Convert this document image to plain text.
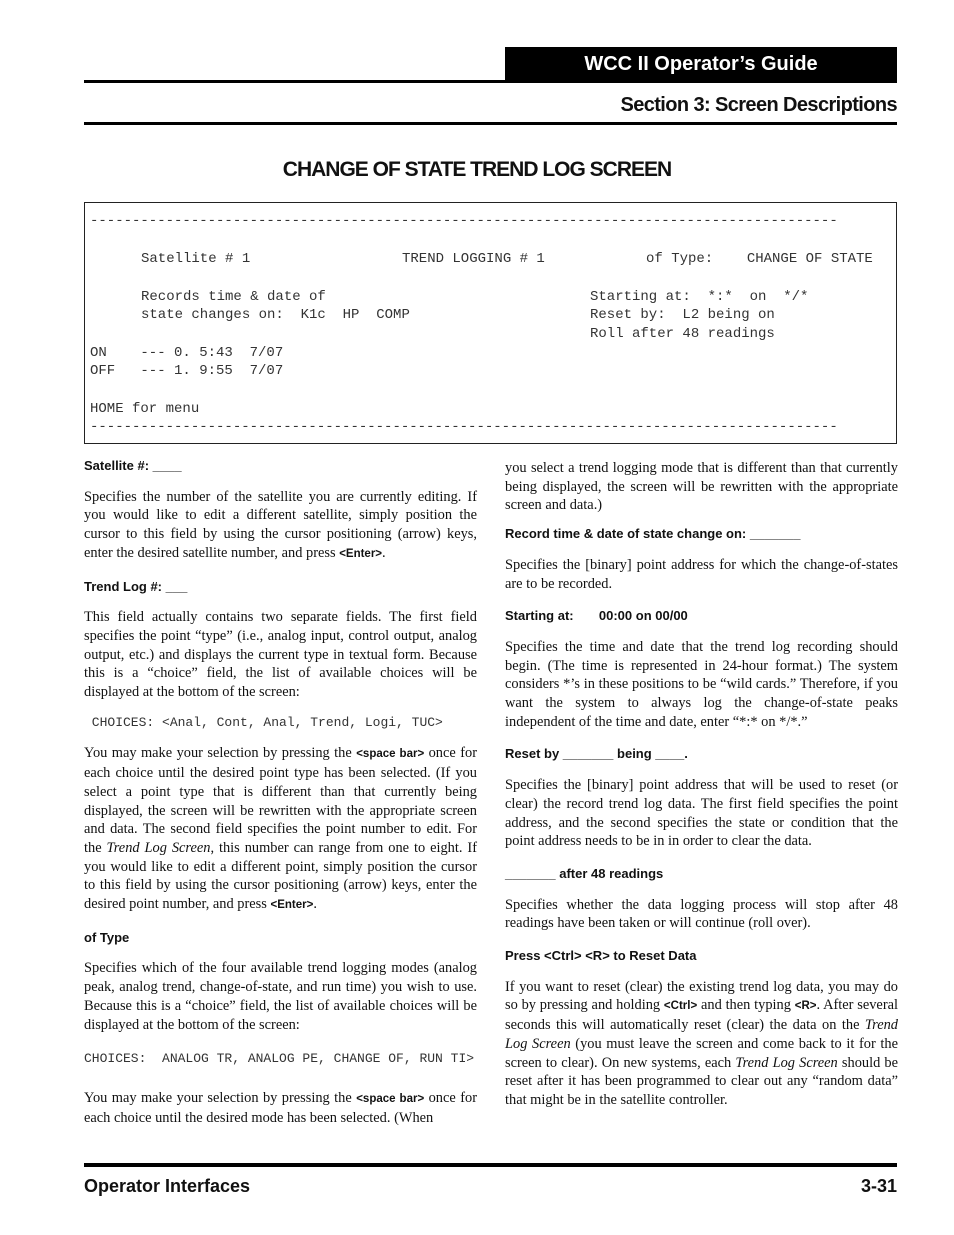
WCC II Operator’s Guide
Section 3: Screen Descriptions
CHANGE OF STATE TREND LOG SCREEN
-----------------------------------------------------------------------------------------
Satellite # 1	TREND LOGGING # 1	of Type:    CHANGE OF STATE
Records time & date of
state changes on:  K1c  HP  COMP
Starting at:  *:*  on  */*
Reset by:  L2 being on
Roll after 48 readings
ON    --- 0. 5:43  7/07
OFF   --- 1. 9:55  7/07
HOME for menu
-----------------------------------------------------------------------------------------
Satellite #: ____

Specifies the number of the satellite you are currently editing. If you would like to edit a different satellite, simply position the cursor to this field by using the cursor positioning (arrow) keys, enter the desired satellite number, and press <Enter>.

Trend Log #: ___

This field actually contains two separate fields. The first field specifies the point “type” (i.e., analog input, control output, analog output, etc.) and displays the current type in textual form. Because this is a “choice” field, the list of available choices will be displayed at the bottom of the screen:

CHOICES: <Anal, Cont, Anal, Trend, Logi, TUC>

You may make your selection by pressing the <space bar> once for each choice until the desired point type has been selected. (If you select a point type that is different than that currently being displayed, the screen will be rewritten with the appropriate screen and data. The second field specifies the point number to edit. For the Trend Log Screen, this number can range from one to eight. If you would like to edit a different point, simply position the cursor to this field by using the cursor positioning (arrow) keys, enter the desired point number, and press <Enter>.

of Type

Specifies which of the four available trend logging modes (analog peak, analog trend, change-of-state, and run time) you wish to use. Because this is a “choice” field, the list of available choices will be displayed at the bottom of the screen:

CHOICES:  ANALOG TR, ANALOG PE, CHANGE OF, RUN TI>

You may make your selection by pressing the <space bar> once for each choice until the desired mode has been selected. (When

you select a trend logging mode that is different than that currently being displayed, the screen will be rewritten with the appropriate screen and data.)

Record time & date of state change on: _______

Specifies the [binary] point address for which the change-of-states are to be recorded.

Starting at:       00:00 on 00/00

Specifies the time and date that the trend log recording should begin. (The time is represented in 24-hour format.) The system considers *’s in these positions to be “wild cards.” Therefore, if you want the system to always log the change-of-state peaks independent of the time and date, enter “*:* on */*.”

Reset by _______ being ____.

Specifies the [binary] point address that will be used to reset (or clear) the record trend log data. The first field specifies the point address, and the second specifies the state or condition that the point address needs to be in in order to clear the data.

_______ after 48 readings

Specifies whether the data logging process will stop after 48 readings have been taken or will continue (roll over).

Press <Ctrl> <R> to Reset Data

If you want to reset (clear) the existing trend log data, you may do so by pressing and holding <Ctrl> and then typing <R>. After several seconds this will automatically reset (clear) the data on the Trend Log Screen (you must leave the screen and come back to it for the screen to clear). On new systems, each Trend Log Screen should be reset after it has been programmed to clear out any “random data” that might be in the satellite controller.

Operator Interfaces	3-31
